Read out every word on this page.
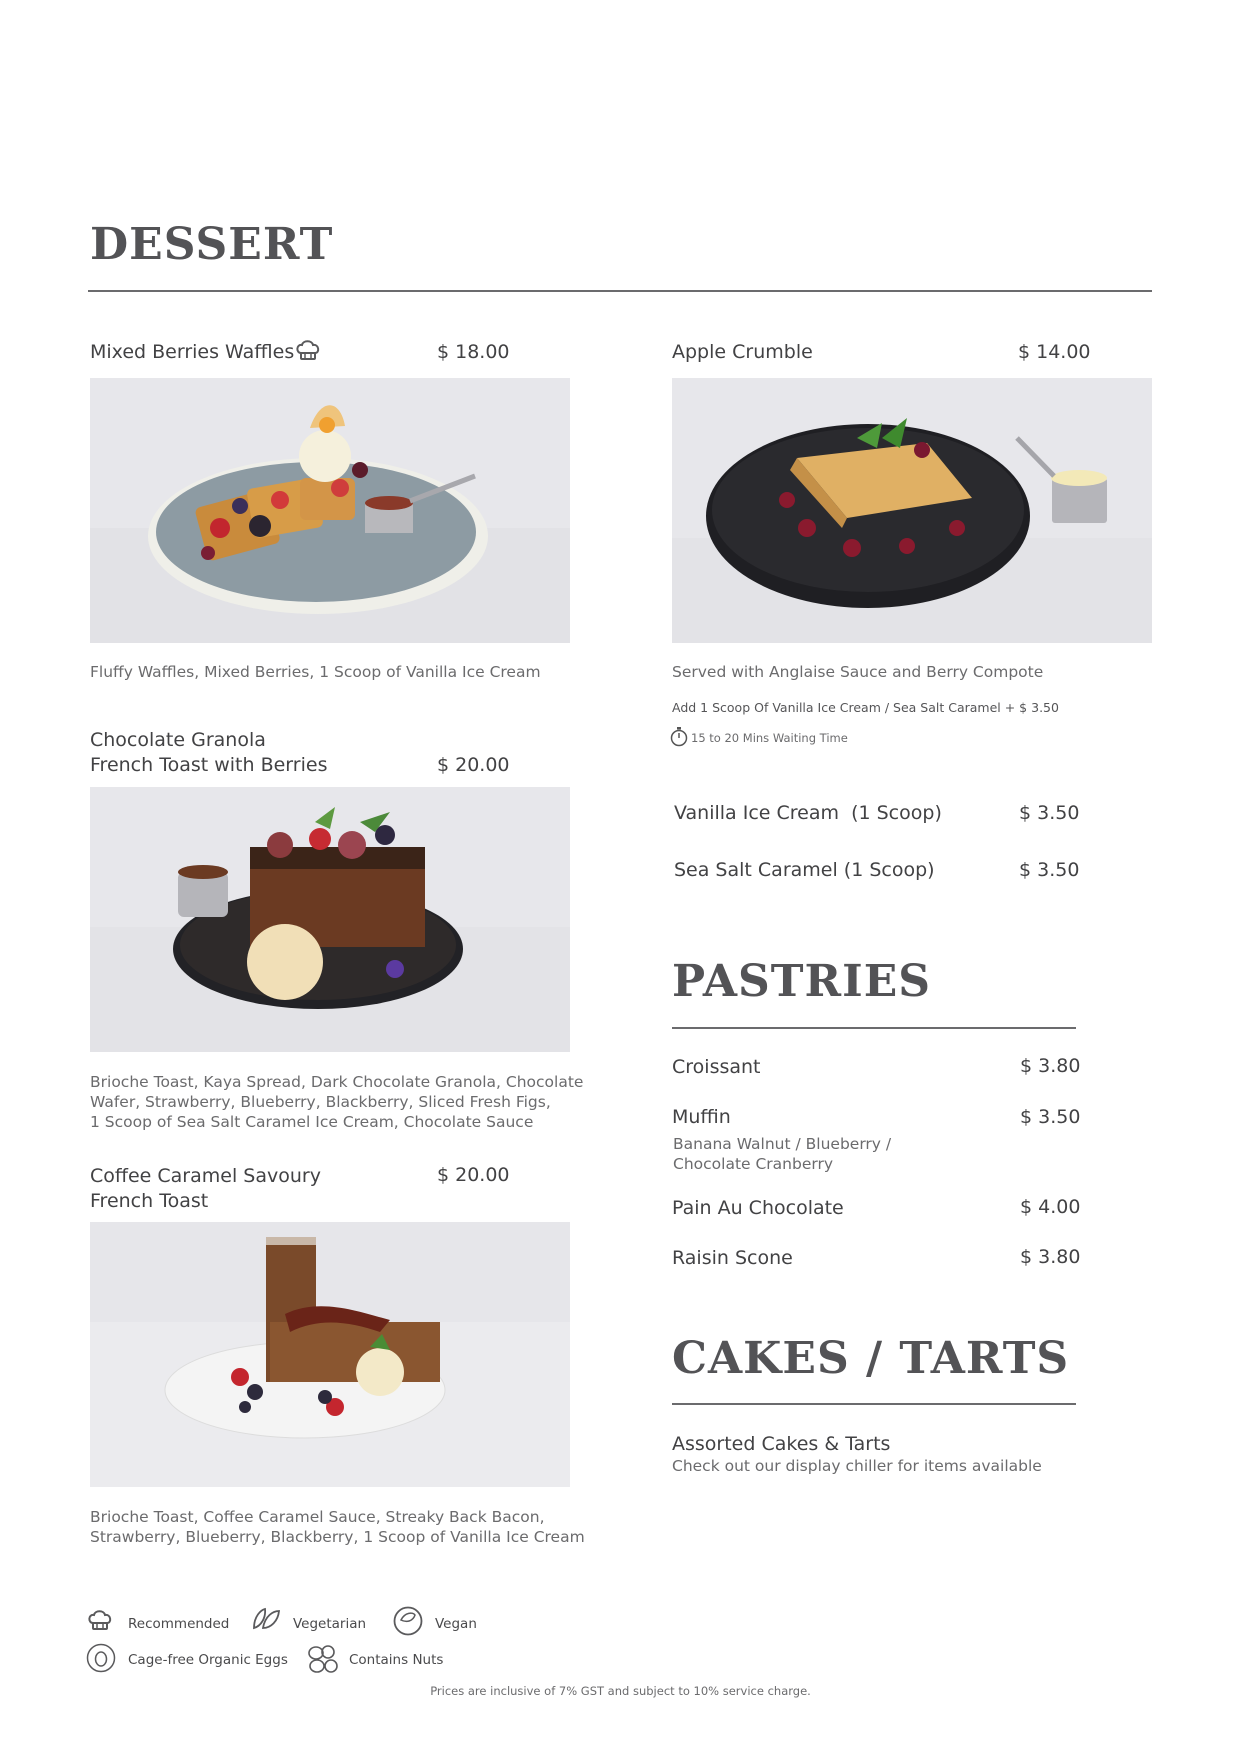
DESSERT
Mixed Berries Waffles	$ 18.00
Fluffy Waffles, Mixed Berries, 1 Scoop of Vanilla Ice Cream
Chocolate Granola
French Toast with Berries	$ 20.00
Brioche Toast, Kaya Spread, Dark Chocolate Granola, Chocolate
Wafer, Strawberry, Blueberry, Blackberry, Sliced Fresh Figs,
1 Scoop of Sea Salt Caramel Ice Cream, Chocolate Sauce
Coffee Caramel Savoury	$ 20.00
French Toast
Brioche Toast, Coffee Caramel Sauce, Streaky Back Bacon,
Strawberry, Blueberry, Blackberry, 1 Scoop of Vanilla Ice Cream
Apple Crumble	$ 14.00
Served with Anglaise Sauce and Berry Compote
Add 1 Scoop Of Vanilla Ice Cream / Sea Salt Caramel + $ 3.50
15 to 20 Mins Waiting Time
Vanilla Ice Cream  (1 Scoop)	$ 3.50
Sea Salt Caramel (1 Scoop)	$ 3.50
PASTRIES
Croissant	$ 3.80
Muffin	$ 3.50
Banana Walnut / Blueberry /
Chocolate Cranberry
Pain Au Chocolate	$ 4.00
Raisin Scone	$ 3.80
CAKES / TARTS
Assorted Cakes & Tarts
Check out our display chiller for items available
Recommended	Vegetarian	Vegan
Cage-free Organic Eggs	Contains Nuts
Prices are inclusive of 7% GST and subject to 10% service charge.
